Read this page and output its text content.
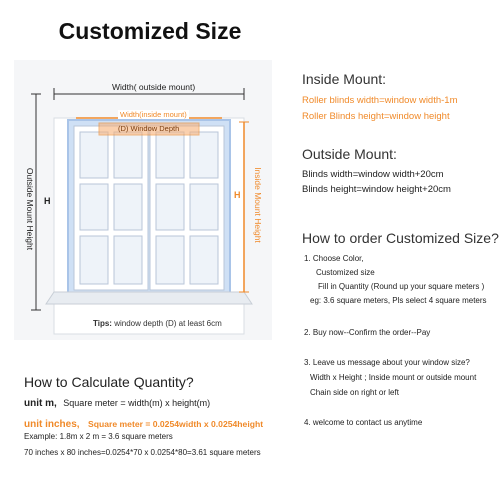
Customized Size
Width( outside mount)
Width(inside mount)
(D) Window Depth
Outside Mount Height	Inside Mount Height
H
H
Tips: window depth (D) at least 6cm
Inside Mount:
Roller blinds width=window width-1m
Roller Blinds height=window height
Outside Mount:
Blinds width=window width+20cm
Blinds height=window height+20cm
How to order Customized Size?
1. Choose Color,
Customized size
Fill in Quantity (Round up your square meters )
eg: 3.6 square meters, Pls select 4 square meters
2. Buy now--Confirm the order--Pay
3. Leave us message about your window size?
Width x Height ; Inside mount or outside mount
Chain side on right or left
4. welcome to contact us anytime
How to Calculate Quantity?
unit m, Square meter = width(m) x height(m)
unit inches, Square meter = 0.0254width x 0.0254height
Example: 1.8m x 2 m = 3.6 square meters
70 inches x 80 inches=0.0254*70 x 0.0254*80=3.61 square meters
